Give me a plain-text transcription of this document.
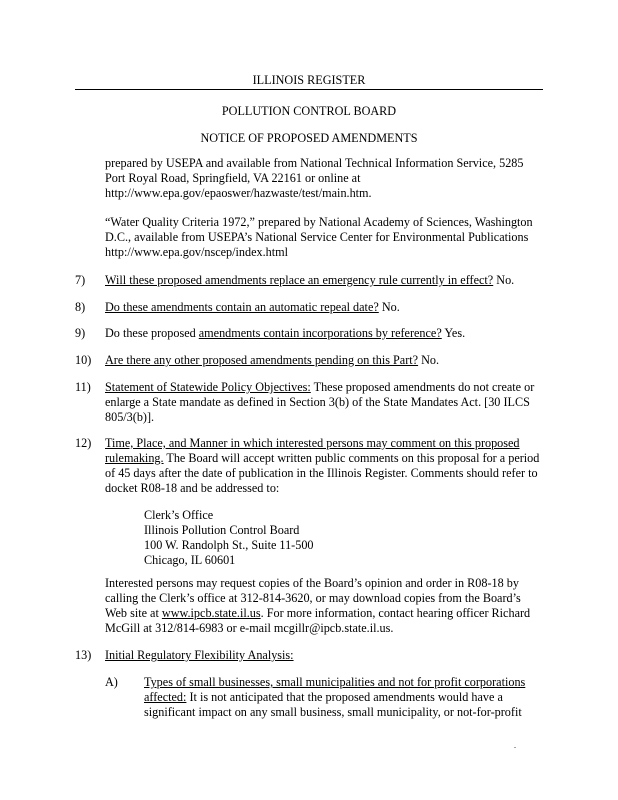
ILLINOIS REGISTER
POLLUTION CONTROL BOARD
NOTICE OF PROPOSED AMENDMENTS
prepared by USEPA and available from National Technical Information Service, 5285
Port Royal Road, Springfield, VA 22161 or online at
http://www.epa.gov/epaoswer/hazwaste/test/main.htm.
“Water Quality Criteria 1972,” prepared by National Academy of Sciences, Washington
D.C., available from USEPA’s National Service Center for Environmental Publications
http://www.epa.gov/nscep/index.html
7) Will these proposed amendments replace an emergency rule currently in effect? No.
8) Do these amendments contain an automatic repeal date? No.
9) Do these proposed amendments contain incorporations by reference? Yes.
10) Are there any other proposed amendments pending on this Part? No.
11) Statement of Statewide Policy Objectives: These proposed amendments do not create or
enlarge a State mandate as defined in Section 3(b) of the State Mandates Act. [30 ILCS
805/3(b)].
12) Time, Place, and Manner in which interested persons may comment on this proposed
rulemaking. The Board will accept written public comments on this proposal for a period
of 45 days after the date of publication in the Illinois Register. Comments should refer to
docket R08-18 and be addressed to:
Clerk’s Office
Illinois Pollution Control Board
100 W. Randolph St., Suite 11-500
Chicago, IL 60601
Interested persons may request copies of the Board’s opinion and order in R08-18 by
calling the Clerk’s office at 312-814-3620, or may download copies from the Board’s
Web site at www.ipcb.state.il.us. For more information, contact hearing officer Richard
McGill at 312/814-6983 or e-mail mcgillr@ipcb.state.il.us.
13) Initial Regulatory Flexibility Analysis:
A) Types of small businesses, small municipalities and not for profit corporations
affected: It is not anticipated that the proposed amendments would have a
significant impact on any small business, small municipality, or not-for-profit
.
